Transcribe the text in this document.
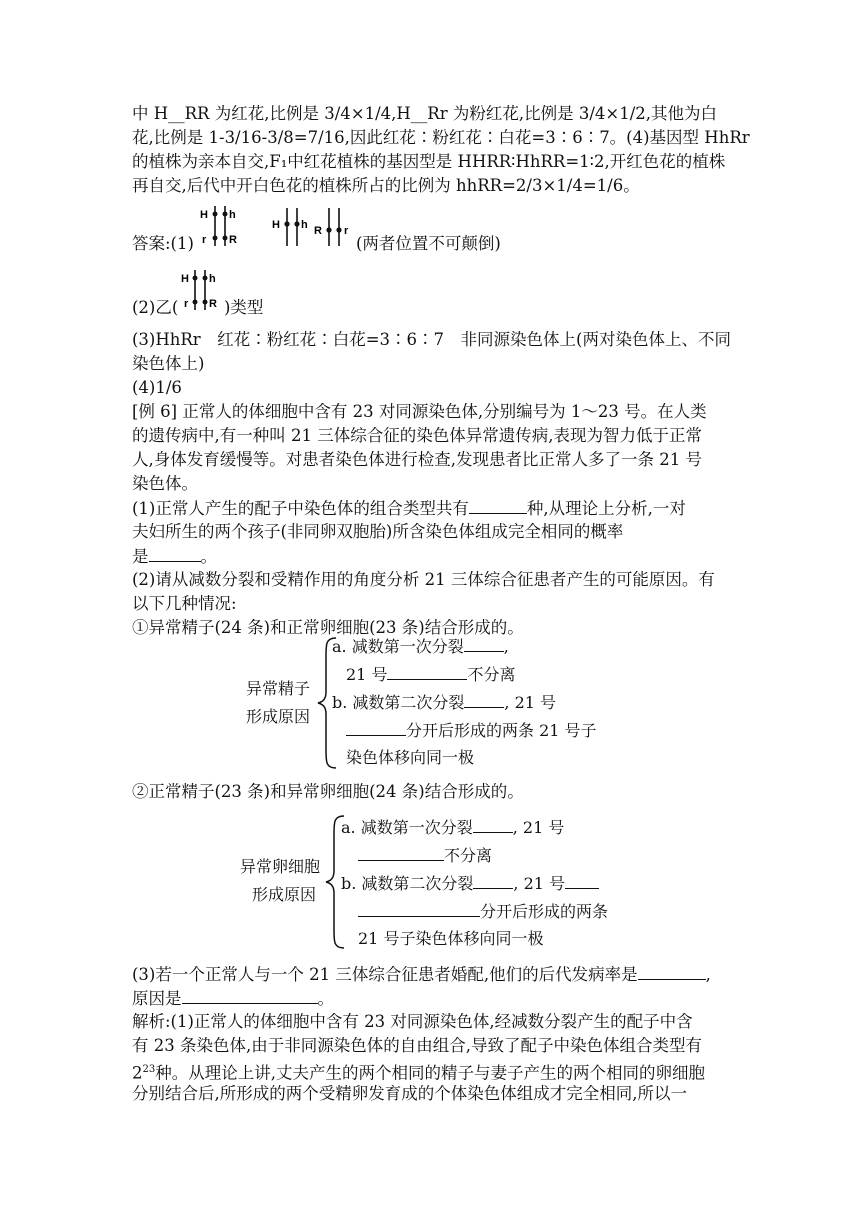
中 H__RR 为红花,比例是 3/4×1/4,H__Rr 为粉红花,比例是 3/4×1/2,其他为白
花,比例是 1-3/16-3/8=7/16,因此红花∶粉红花∶白花=3∶6∶7。(4)基因型 HhRr
的植株为亲本自交,F₁中红花植株的基因型是 HHRR∶HhRR=1∶2,开红色花的植株
再自交,后代中开白色花的植株所占的比例为 hhRR=2/3×1/4=1/6。
答案:(1)
H h
r R
H h R r
(两者位置不可颠倒)
(2)乙(
H h
r R )类型
(3)HhRr　红花∶粉红花∶白花=3∶6∶7　非同源染色体上(两对染色体上、不同
染色体上)
(4)1/6
[例 6] 正常人的体细胞中含有 23 对同源染色体,分别编号为 1～23 号。在人类
的遗传病中,有一种叫 21 三体综合征的染色体异常遗传病,表现为智力低于正常
人,身体发育缓慢等。对患者染色体进行检查,发现患者比正常人多了一条 21 号
染色体。
(1)正常人产生的配子中染色体的组合类型共有	种,从理论上分析,一对
夫妇所生的两个孩子(非同卵双胞胎)所含染色体组成完全相同的概率
是	。
(2)请从减数分裂和受精作用的角度分析 21 三体综合征患者产生的可能原因。有
以下几种情况:
①异常精子(24 条)和正常卵细胞(23 条)结合形成的。
异常精子
形成原因
a. 减数第一次分裂	,
21 号	不分离
b. 减数第二次分裂	, 21 号
分开后形成的两条 21 号子
染色体移向同一极
②正常精子(23 条)和异常卵细胞(24 条)结合形成的。
异常卵细胞
形成原因
a. 减数第一次分裂	, 21 号
不分离
b. 减数第二次分裂	, 21 号
分开后形成的两条
21 号子染色体移向同一极
(3)若一个正常人与一个 21 三体综合征患者婚配,他们的后代发病率是	,
原因是	。
解析:(1)正常人的体细胞中含有 23 对同源染色体,经减数分裂产生的配子中含
有 23 条染色体,由于非同源染色体的自由组合,导致了配子中染色体组合类型有
$2^{23}$种。从理论上讲,丈夫产生的两个相同的精子与妻子产生的两个相同的卵细胞
分别结合后,所形成的两个受精卵发育成的个体染色体组成才完全相同,所以一
